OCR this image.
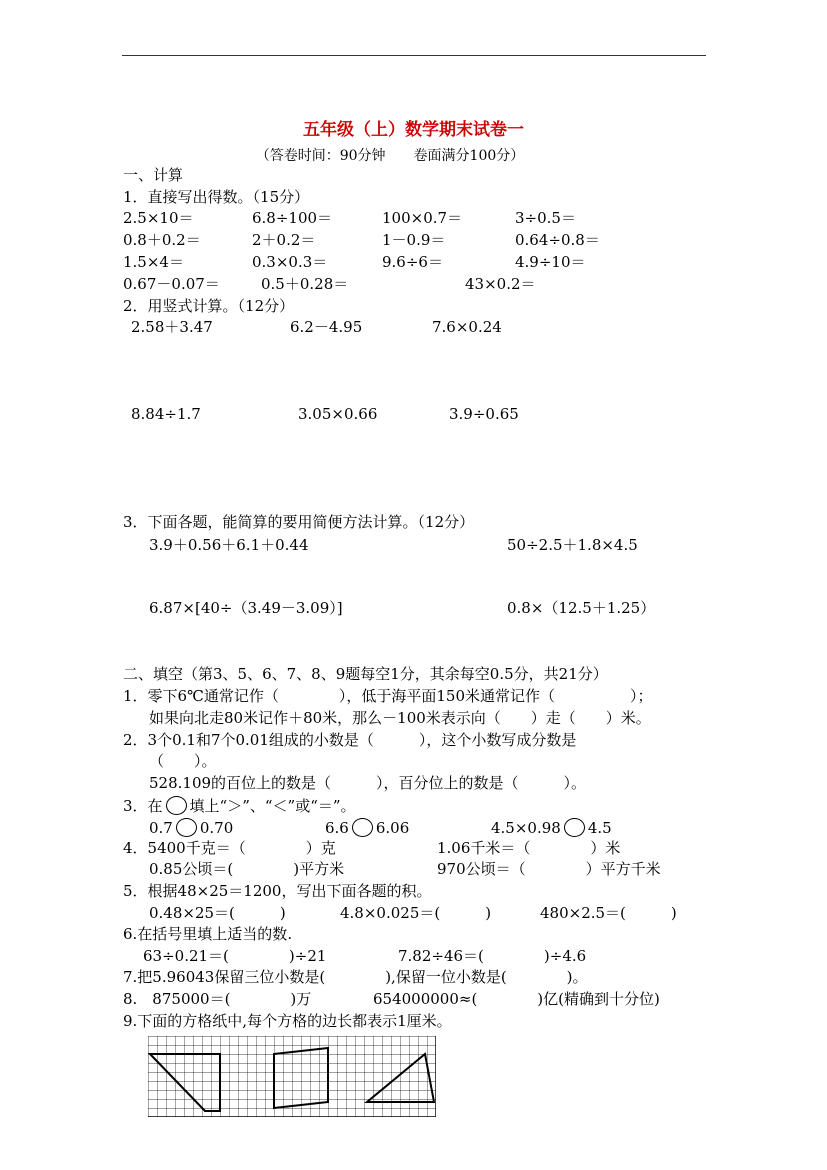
五年级（上）数学期末试卷一
（答卷时间：90分钟　　卷面满分100分）
一、计算
1．直接写出得数。（15分）
2.5×10＝	6.8÷100＝	100×0.7＝	3÷0.5＝
0.8＋0.2＝	2＋0.2＝	1－0.9＝	0.64÷0.8＝
1.5×4＝	0.3×0.3＝	9.6÷6＝	4.9÷10＝
0.67－0.07＝	0.5＋0.28＝	43×0.2＝
2．用竖式计算。（12分）
2.58＋3.47	6.2－4.95	7.6×0.24
8.84÷1.7	3.05×0.66	3.9÷0.65
3．下面各题，能简算的要用简便方法计算。（12分）
3.9＋0.56＋6.1＋0.44	50÷2.5＋1.8×4.5
6.87×[40÷（3.49－3.09）]	0.8×（12.5＋1.25）
二、填空（第3、5、6、7、8、9题每空1分，其余每空0.5分，共21分）
1．零下6℃通常记作（　　　　），低于海平面150米通常记作（　　　　　）；
如果向北走80米记作＋80米，那么－100米表示向（　　）走（　　）米。
2．3个0.1和7个0.01组成的小数是（　　　），这个小数写成分数是
（　　）。
528.109的百位上的数是（　　　），百分位上的数是（　　　）。
3．在 填上“＞”、“＜”或“＝”。
0.7 0.70	6.6 6.06	4.5×0.98 4.5
4．5400千克＝（　　　　）克	1.06千米＝（　　　　）米
0.85公顷＝(　　　　)平方米	970公顷＝（　　　　）平方千米
5．根据48×25＝1200，写出下面各题的积。
0.48×25＝(　　　)	4.8×0.025＝(　　　)	480×2.5＝(　　　)
6.在括号里填上适当的数.
63÷0.21＝(　　　　)÷21	7.82÷46＝(　　　　)÷4.6
7.把5.96043保留三位小数是(　　　　),保留一位小数是(　　　　)。
8.　875000＝(　　　　)万	654000000≈(　　　　)亿(精确到十分位)
9.下面的方格纸中,每个方格的边长都表示1厘米。
